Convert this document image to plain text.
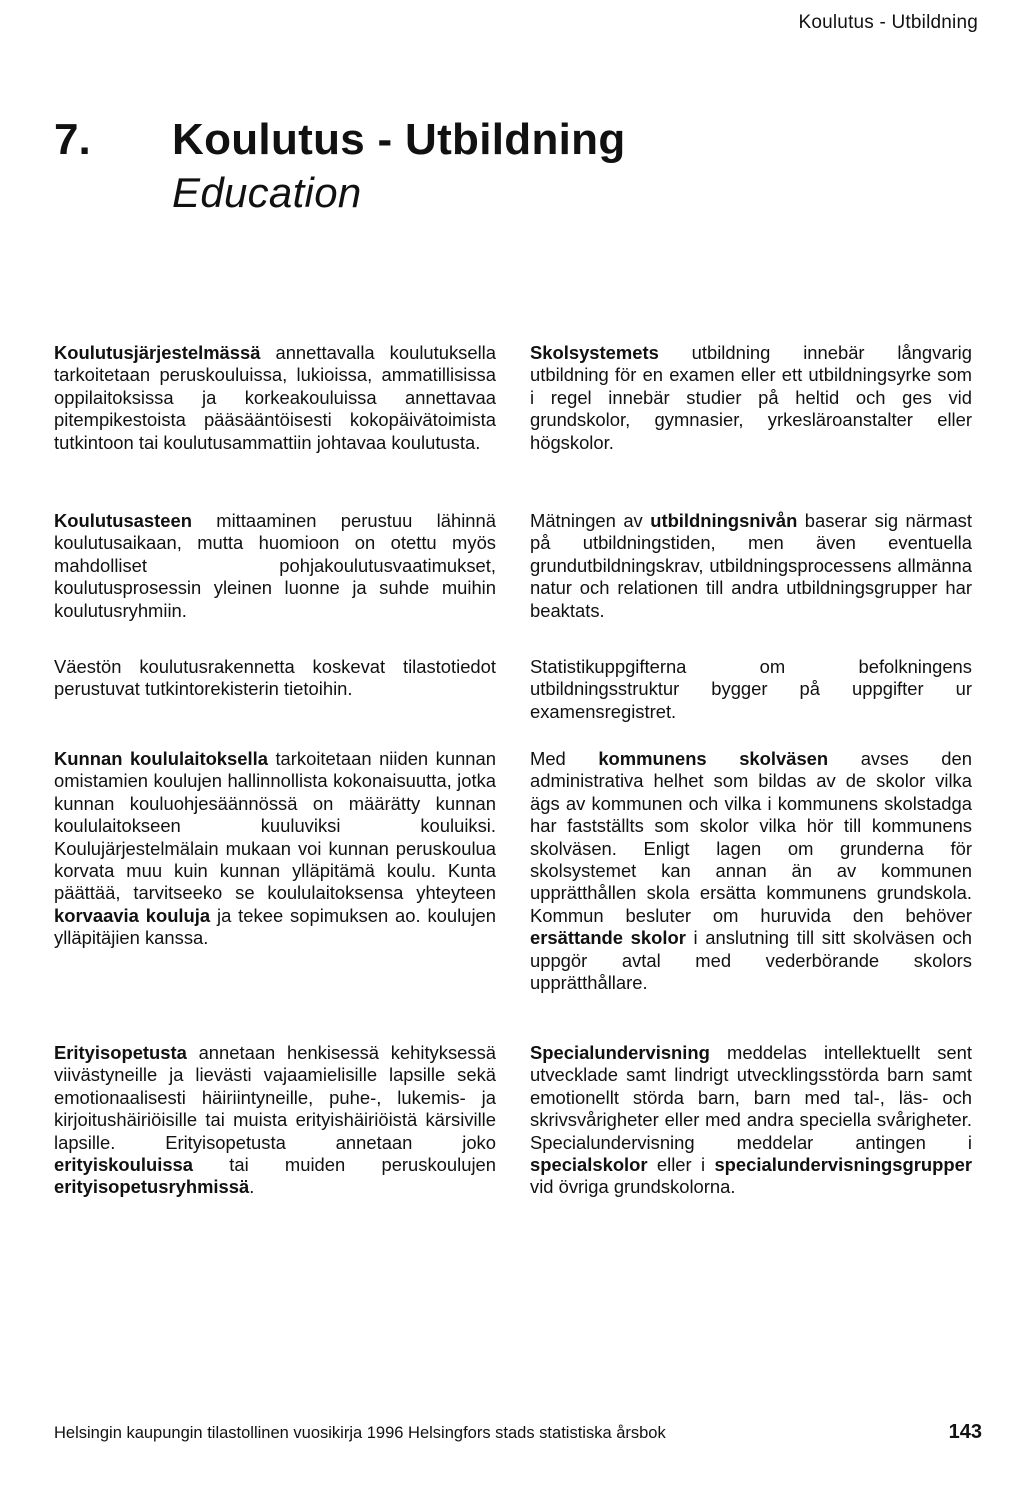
Koulutus - Utbildning
7. Koulutus - Utbildning
Education

Koulutusjärjestelmässä annettavalla koulutuksella tarkoitetaan peruskouluissa, lukioissa, ammatillisissa oppilaitoksissa ja korkeakouluissa annettavaa pitempikestoista pääsääntöisesti kokopäivätoimista tutkintoon tai koulutusammattiin johtavaa koulutusta.

Koulutusasteen mittaaminen perustuu lähinnä koulutusaikaan, mutta huomioon on otettu myös mahdolliset pohjakoulutusvaatimukset, koulutusprosessin yleinen luonne ja suhde muihin koulutusryhmiin.

Väestön koulutusrakennetta koskevat tilastotiedot perustuvat tutkintorekisterin tietoihin.

Kunnan koululaitoksella tarkoitetaan niiden kunnan omistamien koulujen hallinnollista kokonaisuutta, jotka kunnan kouluohjesäännössä on määrätty kunnan koululaitokseen kuuluviksi kouluiksi. Koulujärjestelmälain mukaan voi kunnan peruskoulua korvata muu kuin kunnan ylläpitämä koulu. Kunta päättää, tarvitseeko se koululaitoksensa yhteyteen korvaavia kouluja ja tekee sopimuksen ao. koulujen ylläpitäjien kanssa.

Erityisopetusta annetaan henkisessä kehityksessä viivästyneille ja lievästi vajaamielisille lapsille sekä emotionaalisesti häiriintyneille, puhe-, lukemis- ja kirjoitushäiriöisille tai muista erityishäiriöistä kärsiville lapsille. Erityisopetusta annetaan joko erityiskouluissa tai muiden peruskoulujen erityisopetusryhmissä.

Skolsystemets utbildning innebär långvarig utbildning för en examen eller ett utbildningsyrke som i regel innebär studier på heltid och ges vid grundskolor, gymnasier, yrkesläroanstalter eller högskolor.

Mätningen av utbildningsnivån baserar sig närmast på utbildningstiden, men även eventuella grundutbildningskrav, utbildningsprocessens allmänna natur och relationen till andra utbildningsgrupper har beaktats.

Statistikuppgifterna om befolkningens utbildningsstruktur bygger på uppgifter ur examensregistret.

Med kommunens skolväsen avses den administrativa helhet som bildas av de skolor vilka ägs av kommunen och vilka i kommunens skolstadga har fastställts som skolor vilka hör till kommunens skolväsen. Enligt lagen om grunderna för skolsystemet kan annan än av kommunen upprätthållen skola ersätta kommunens grundskola. Kommun besluter om huruvida den behöver ersättande skolor i anslutning till sitt skolväsen och uppgör avtal med vederbörande skolors upprätthållare.

Specialundervisning meddelas intellektuellt sent utvecklade samt lindrigt utvecklingsstörda barn samt emotionellt störda barn, barn med tal-, läs- och skrivsvårigheter eller med andra speciella svårigheter. Specialundervisning meddelar antingen i specialskolor eller i specialundervisningsgrupper vid övriga grundskolorna.

Helsingin kaupungin tilastollinen vuosikirja 1996 Helsingfors stads statistiska årsbok	143
